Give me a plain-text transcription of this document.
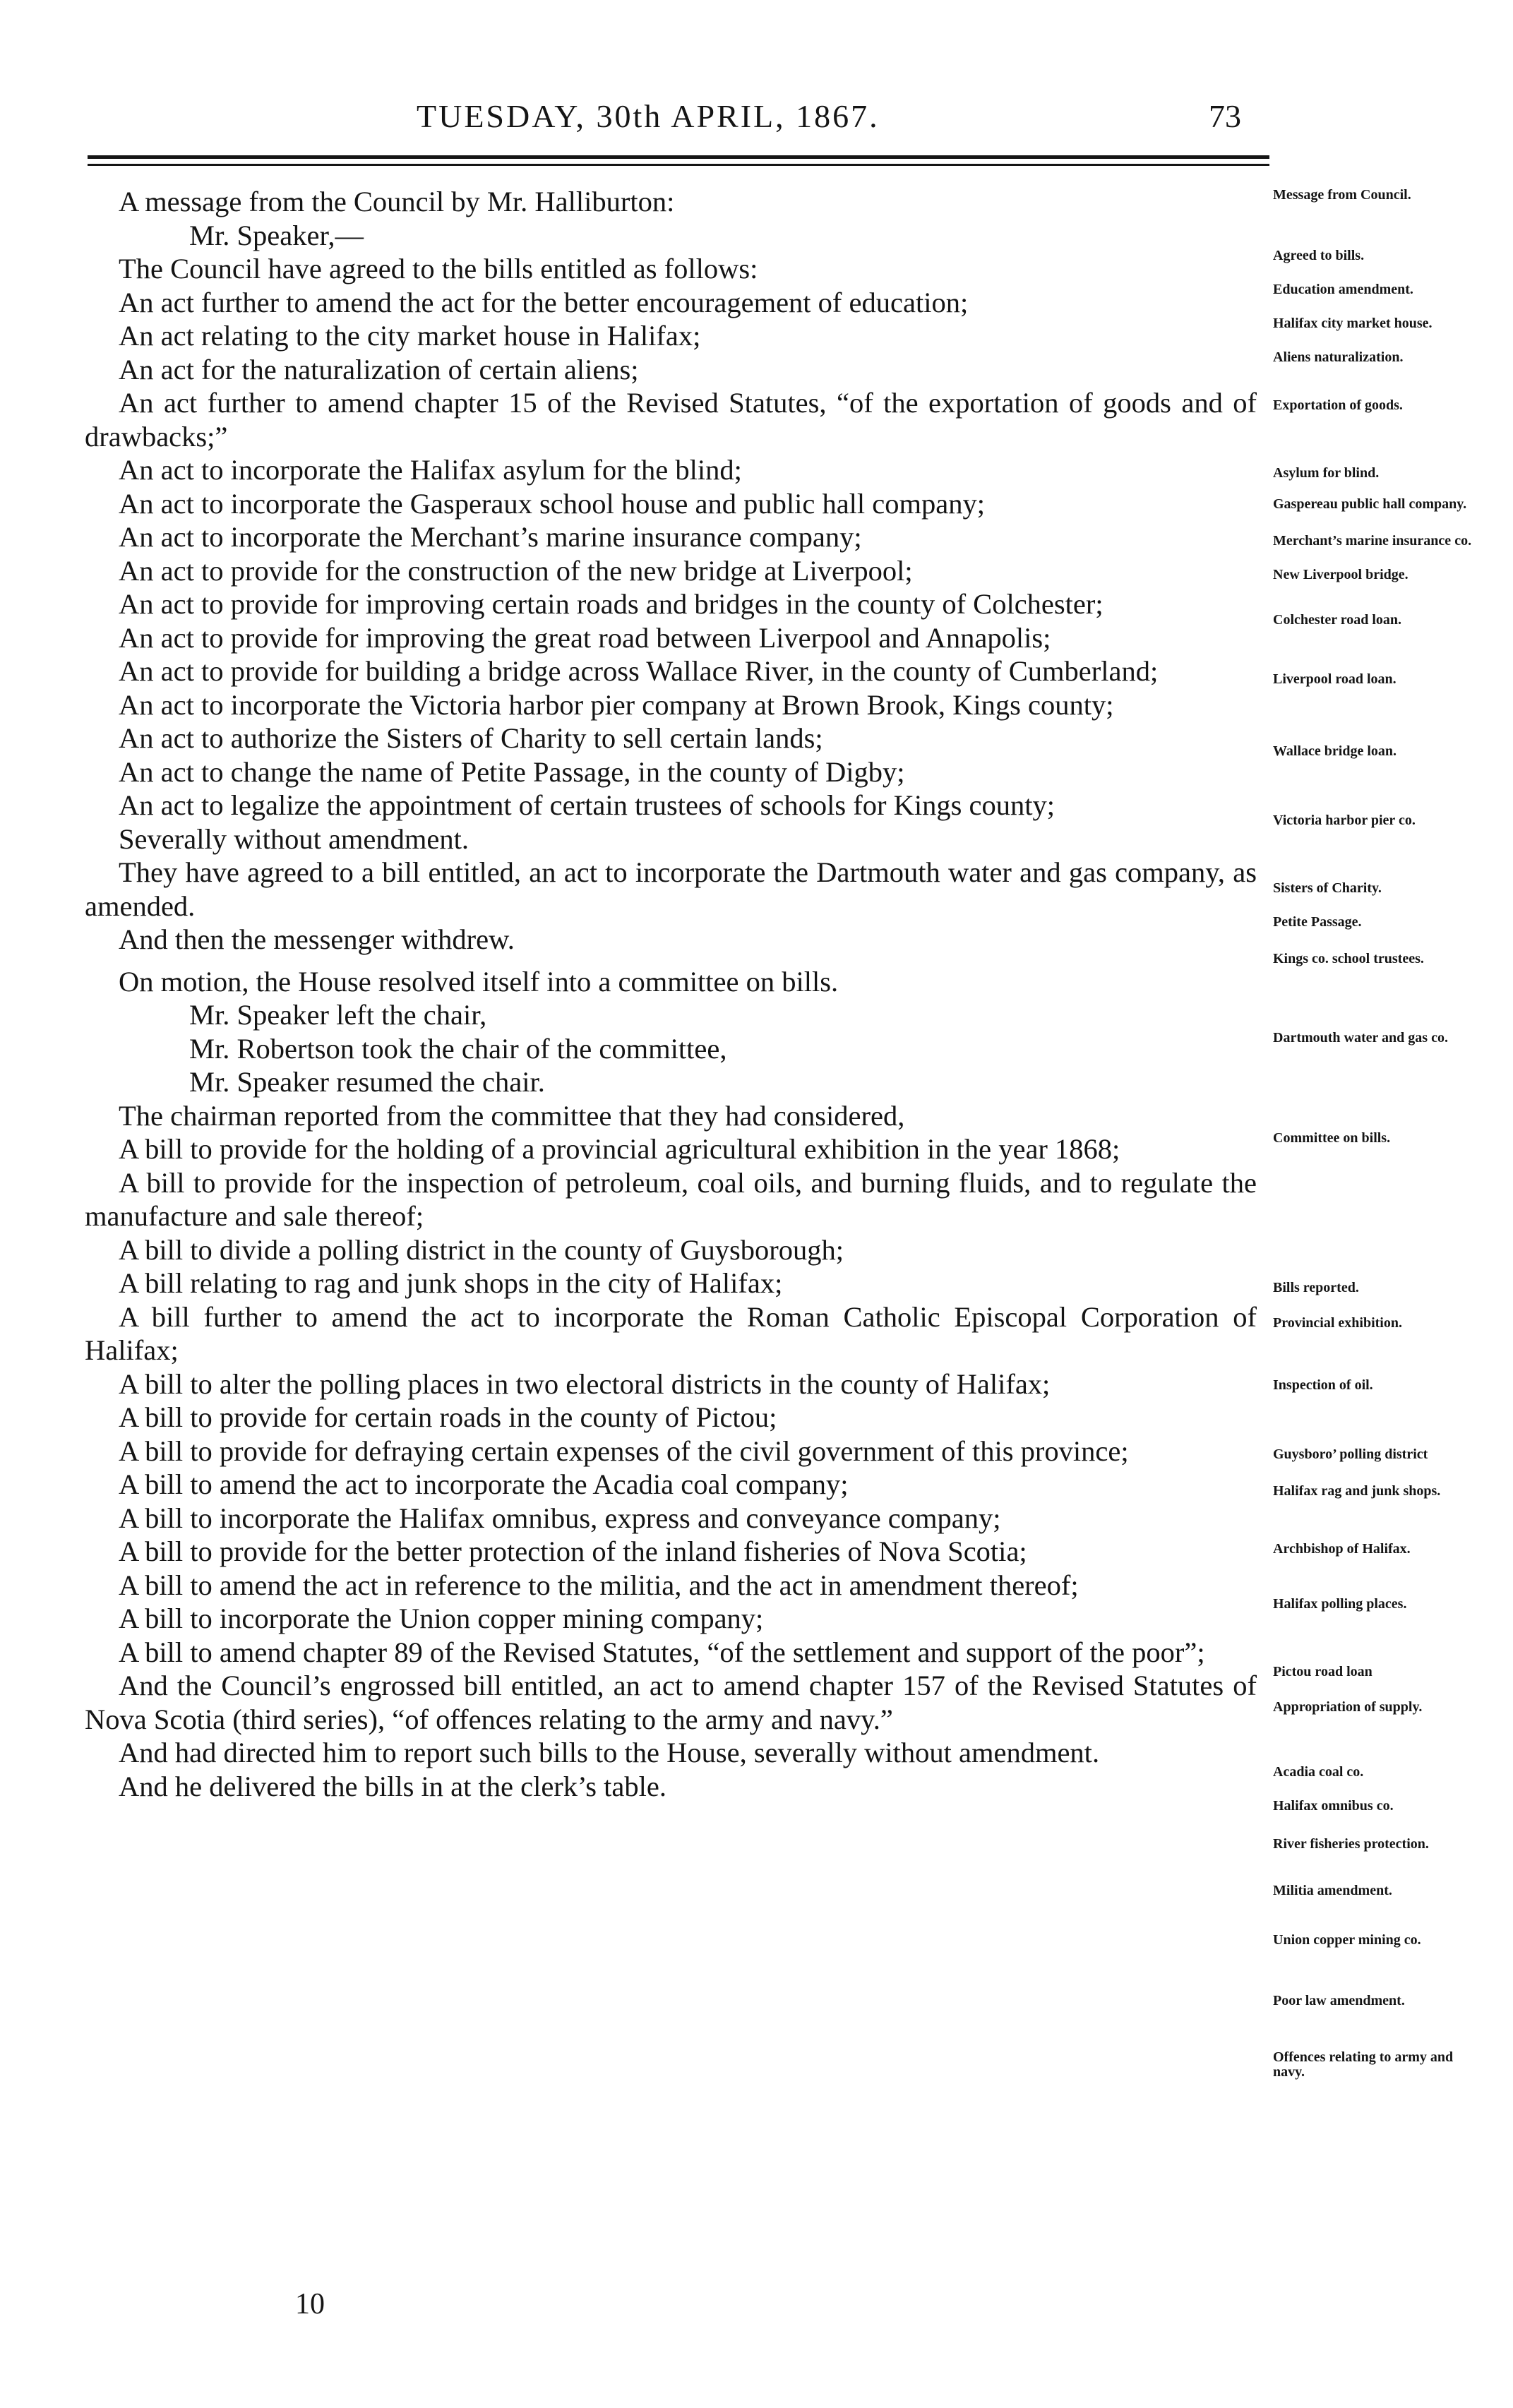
TUESDAY, 30th APRIL, 1867.	73
A message from the Council by Mr. Halliburton:
Mr. Speaker,—
The Council have agreed to the bills entitled as follows:
An act further to amend the act for the better encouragement of education;
An act relating to the city market house in Halifax;
An act for the naturalization of certain aliens;
An act further to amend chapter 15 of the Revised Statutes, “of the exportation of goods and of drawbacks;”
An act to incorporate the Halifax asylum for the blind;
An act to incorporate the Gasperaux school house and public hall company;
An act to incorporate the Merchant’s marine insurance company;
An act to provide for the construction of the new bridge at Liverpool;
An act to provide for improving certain roads and bridges in the county of Colchester;
An act to provide for improving the great road between Liverpool and Annapolis;
An act to provide for building a bridge across Wallace River, in the county of Cumberland;
An act to incorporate the Victoria harbor pier company at Brown Brook, Kings county;
An act to authorize the Sisters of Charity to sell certain lands;
An act to change the name of Petite Passage, in the county of Digby;
An act to legalize the appointment of certain trustees of schools for Kings county;
Severally without amendment.
They have agreed to a bill entitled, an act to incorporate the Dartmouth water and gas company, as amended.
And then the messenger withdrew.
On motion, the House resolved itself into a committee on bills.
Mr. Speaker left the chair,
Mr. Robertson took the chair of the committee,
Mr. Speaker resumed the chair.
The chairman reported from the committee that they had considered,
A bill to provide for the holding of a provincial agricultural exhibition in the year 1868;
A bill to provide for the inspection of petroleum, coal oils, and burning fluids, and to regulate the manufacture and sale thereof;
A bill to divide a polling district in the county of Guysborough;
A bill relating to rag and junk shops in the city of Halifax;
A bill further to amend the act to incorporate the Roman Catholic Episcopal Corporation of Halifax;
A bill to alter the polling places in two electoral districts in the county of Halifax;
A bill to provide for certain roads in the county of Pictou;
A bill to provide for defraying certain expenses of the civil government of this province;
A bill to amend the act to incorporate the Acadia coal company;
A bill to incorporate the Halifax omnibus, express and conveyance company;
A bill to provide for the better protection of the inland fisheries of Nova Scotia;
A bill to amend the act in reference to the militia, and the act in amendment thereof;
A bill to incorporate the Union copper mining company;
A bill to amend chapter 89 of the Revised Statutes, “of the settlement and support of the poor”;
And the Council’s engrossed bill entitled, an act to amend chapter 157 of the Revised Statutes of Nova Scotia (third series), “of offences relating to the army and navy.”
And had directed him to report such bills to the House, severally without amendment.
And he delivered the bills in at the clerk’s table.
Message from Council.
Agreed to bills.
Education amendment.
Halifax city market house.
Aliens naturalization.
Exportation of goods.
Asylum for blind.
Gaspereau public hall company.
Merchant’s marine insurance co.
New Liverpool bridge.
Colchester road loan.
Liverpool road loan.
Wallace bridge loan.
Victoria harbor pier co.
Sisters of Charity.
Petite Passage.
Kings co. school trustees.
Dartmouth water and gas co.
Committee on bills.
Bills reported.
Provincial exhibition.
Inspection of oil.
Guysboro’ polling district
Halifax rag and junk shops.
Archbishop of Halifax.
Halifax polling places.
Pictou road loan
Appropriation of supply.
Acadia coal co.
Halifax omnibus co.
River fisheries protection.
Militia amendment.
Union copper mining co.
Poor law amendment.
Offences relating to army and navy.
10
